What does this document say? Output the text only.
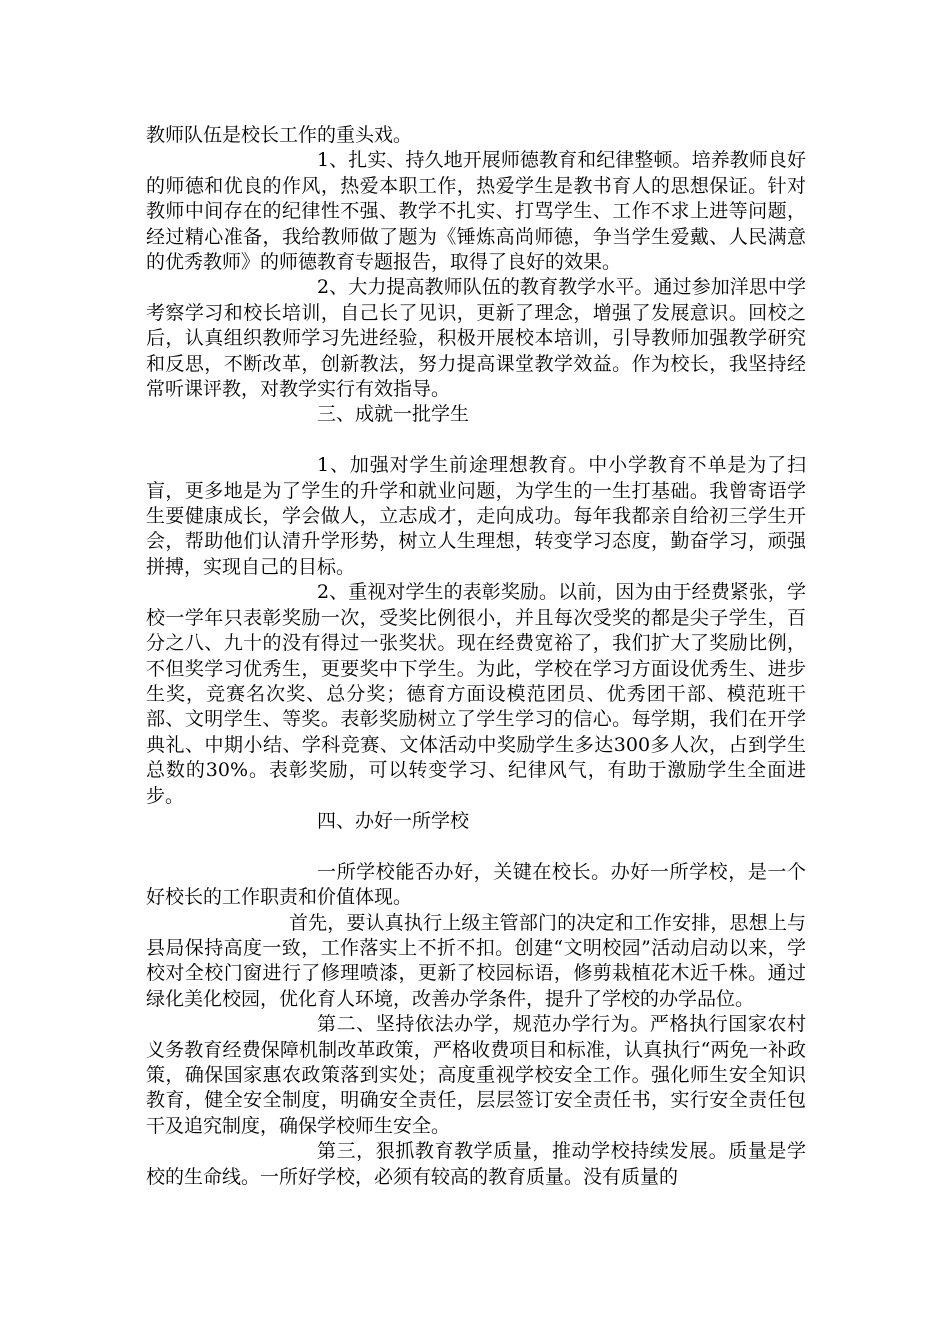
教师队伍是校长工作的重头戏。

1、扎实、持久地开展师德教育和纪律整顿。培养教师良好的师德和优良的作风，热爱本职工作，热爱学生是教书育人的思想保证。针对教师中间存在的纪律性不强、教学不扎实、打骂学生、工作不求上进等问题，经过精心准备，我给教师做了题为《锤炼高尚师德，争当学生爱戴、人民满意的优秀教师》的师德教育专题报告，取得了良好的效果。

2、大力提高教师队伍的教育教学水平。通过参加洋思中学考察学习和校长培训，自己长了见识，更新了理念，增强了发展意识。回校之后，认真组织教师学习先进经验，积极开展校本培训，引导教师加强教学研究和反思，不断改革，创新教法，努力提高课堂教学效益。作为校长，我坚持经常听课评教，对教学实行有效指导。

三、成就一批学生

1、加强对学生前途理想教育。中小学教育不单是为了扫盲，更多地是为了学生的升学和就业问题，为学生的一生打基础。我曾寄语学生要健康成长，学会做人，立志成才，走向成功。每年我都亲自给初三学生开会，帮助他们认清升学形势，树立人生理想，转变学习态度，勤奋学习，顽强拼搏，实现自己的目标。

2、重视对学生的表彰奖励。以前，因为由于经费紧张，学校一学年只表彰奖励一次，受奖比例很小，并且每次受奖的都是尖子学生，百分之八、九十的没有得过一张奖状。现在经费宽裕了，我们扩大了奖励比例，不但奖学习优秀生，更要奖中下学生。为此，学校在学习方面设优秀生、进步生奖，竞赛名次奖、总分奖；德育方面设模范团员、优秀团干部、模范班干部、文明学生、等奖。表彰奖励树立了学生学习的信心。每学期，我们在开学典礼、中期小结、学科竞赛、文体活动中奖励学生多达300多人次，占到学生总数的30%。表彰奖励，可以转变学习、纪律风气，有助于激励学生全面进步。

四、办好一所学校

一所学校能否办好，关键在校长。办好一所学校，是一个好校长的工作职责和价值体现。

首先，要认真执行上级主管部门的决定和工作安排，思想上与县局保持高度一致，工作落实上不折不扣。创建“文明校园”活动启动以来，学校对全校门窗进行了修理喷漆，更新了校园标语，修剪栽植花木近千株。通过绿化美化校园，优化育人环境，改善办学条件，提升了学校的办学品位。

第二、坚持依法办学，规范办学行为。严格执行国家农村义务教育经费保障机制改革政策，严格收费项目和标准，认真执行“两免一补政策，确保国家惠农政策落到实处；高度重视学校安全工作。强化师生安全知识教育，健全安全制度，明确安全责任，层层签订安全责任书，实行安全责任包干及追究制度，确保学校师生安全。

第三，狠抓教育教学质量，推动学校持续发展。质量是学校的生命线。一所好学校，必须有较高的教育质量。没有质量的
